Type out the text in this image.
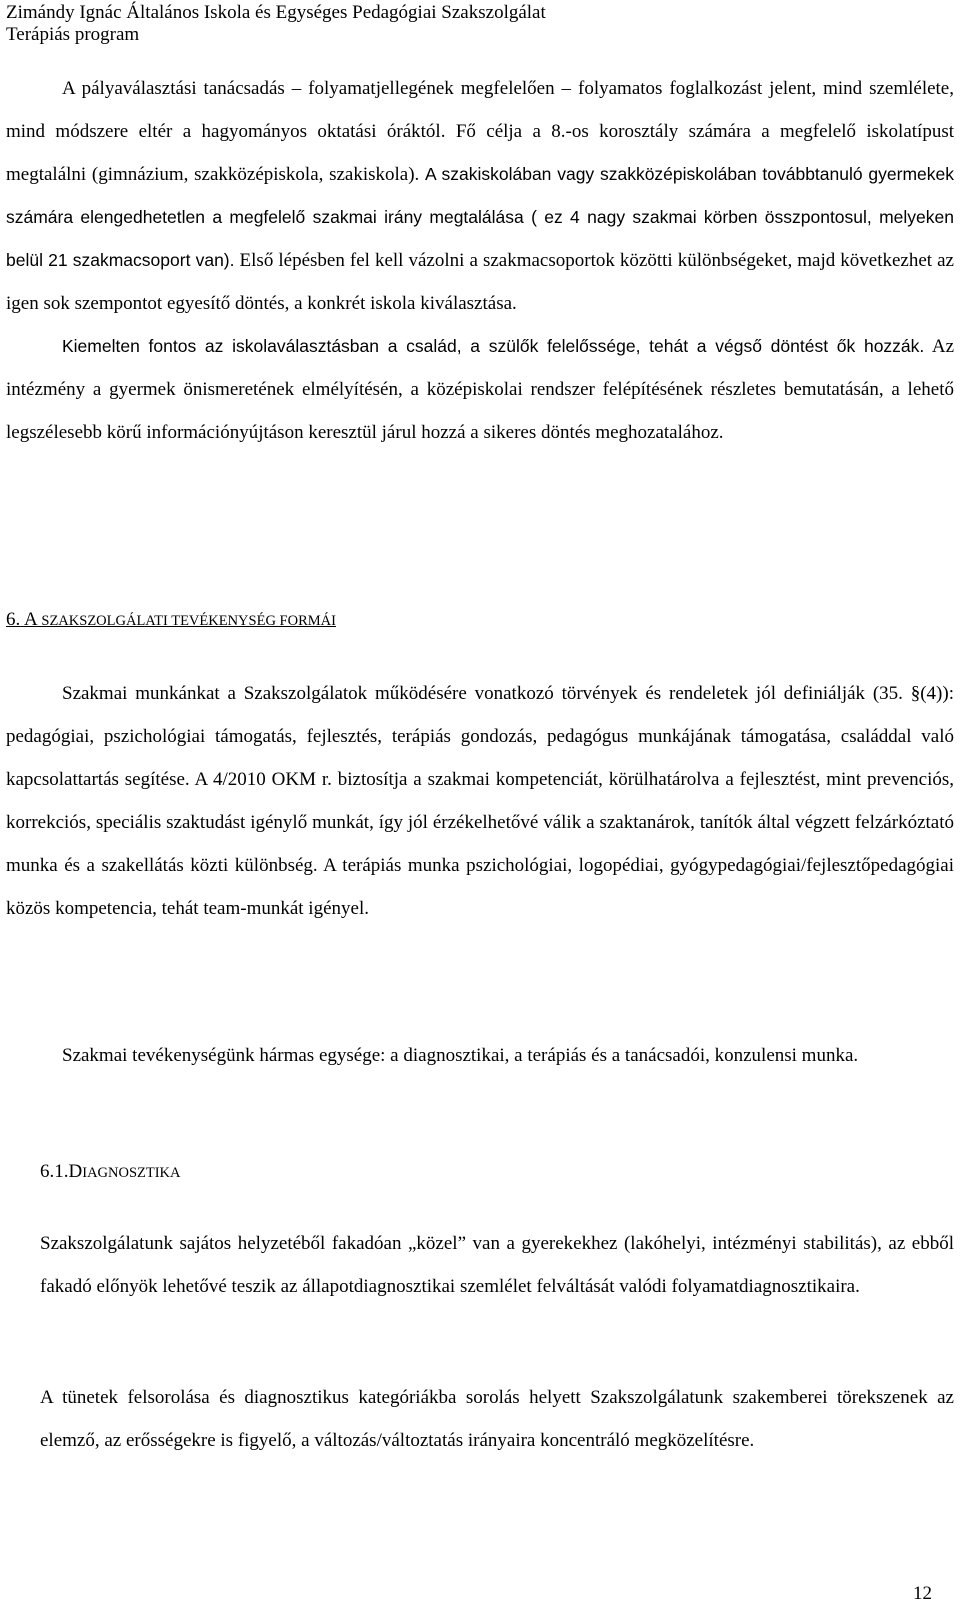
Zimándy Ignác Általános Iskola és Egységes Pedagógiai Szakszolgálat
Terápiás program

A pályaválasztási tanácsadás – folyamatjellegének megfelelően – folyamatos foglalkozást jelent, mind szemlélete, mind módszere eltér a hagyományos oktatási óráktól. Fő célja a 8.-os korosztály számára a megfelelő iskolatípust megtalálni (gimnázium, szakközépiskola, szakiskola). A szakiskolában vagy szakközépiskolában továbbtanuló gyermekek számára elengedhetetlen a megfelelő szakmai irány megtalálása ( ez 4 nagy szakmai körben összpontosul, melyeken belül 21 szakmacsoport van). Első lépésben fel kell vázolni a szakmacsoportok közötti különbségeket, majd következhet az igen sok szempontot egyesítő döntés, a konkrét iskola kiválasztása.

Kiemelten fontos az iskolaválasztásban a család, a szülők felelőssége, tehát a végső döntést ők hozzák. Az intézmény a gyermek önismeretének elmélyítésén, a középiskolai rendszer felépítésének részletes bemutatásán, a lehető legszélesebb körű információnyújtáson keresztül járul hozzá a sikeres döntés meghozatalához.

6. A SZAKSZOLGÁLATI TEVÉKENYSÉG FORMÁI

Szakmai munkánkat a Szakszolgálatok működésére vonatkozó törvények és rendeletek jól definiálják (35. §(4)): pedagógiai, pszichológiai támogatás, fejlesztés, terápiás gondozás, pedagógus munkájának támogatása, családdal való kapcsolattartás segítése. A 4/2010 OKM r. biztosítja a szakmai kompetenciát, körülhatárolva a fejlesztést, mint prevenciós, korrekciós, speciális szaktudást igénylő munkát, így jól érzékelhetővé válik a szaktanárok, tanítók által végzett felzárkóztató munka és a szakellátás közti különbség. A terápiás munka pszichológiai, logopédiai, gyógypedagógiai/fejlesztőpedagógiai közös kompetencia, tehát team-munkát igényel.

Szakmai tevékenységünk hármas egysége: a diagnosztikai, a terápiás és a tanácsadói, konzulensi munka.

6.1.DIAGNOSZTIKA

Szakszolgálatunk sajátos helyzetéből fakadóan „közel” van a gyerekekhez (lakóhelyi, intézményi stabilitás), az ebből fakadó előnyök lehetővé teszik az állapotdiagnosztikai szemlélet felváltását valódi folyamatdiagnosztikaira.

A tünetek felsorolása és diagnosztikus kategóriákba sorolás helyett Szakszolgálatunk szakemberei törekszenek az elemző, az erősségekre is figyelő, a változás/változtatás irányaira koncentráló megközelítésre.

12
